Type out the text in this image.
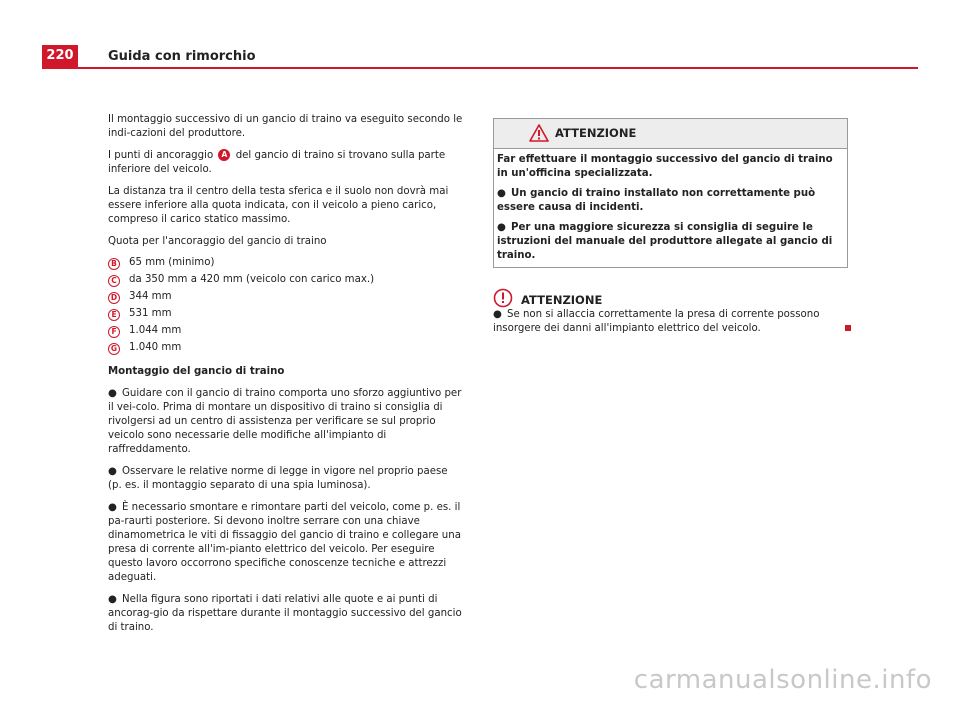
220	Guida con rimorchio

Il montaggio successivo di un gancio di traino va eseguito secondo le indi-cazioni del produttore.

I punti di ancoraggio A del gancio di traino si trovano sulla parte inferiore del veicolo.

La distanza tra il centro della testa sferica e il suolo non dovrà mai essere inferiore alla quota indicata, con il veicolo a pieno carico, compreso il carico statico massimo.

Quota per l'ancoraggio del gancio di traino

B	65 mm (minimo)
C	da 350 mm a 420 mm (veicolo con carico max.)
D 344 mm
E	531 mm
F	1.044 mm
G 1.040 mm

Montaggio del gancio di traino

● Guidare con il gancio di traino comporta uno sforzo aggiuntivo per il vei-colo. Prima di montare un dispositivo di traino si consiglia di rivolgersi ad un centro di assistenza per verificare se sul proprio veicolo sono necessarie delle modifiche all'impianto di raffreddamento.

● Osservare le relative norme di legge in vigore nel proprio paese (p. es. il montaggio separato di una spia luminosa).

● È necessario smontare e rimontare parti del veicolo, come p. es. il pa-raurti posteriore. Si devono inoltre serrare con una chiave dinamometrica le viti di fissaggio del gancio di traino e collegare una presa di corrente all'im-pianto elettrico del veicolo. Per eseguire questo lavoro occorrono specifiche conoscenze tecniche e attrezzi adeguati.

● Nella figura sono riportati i dati relativi alle quote e ai punti di ancorag-gio da rispettare durante il montaggio successivo del gancio di traino.

ATTENZIONE

Far effettuare il montaggio successivo del gancio di traino in un'officina specializzata.

● Un gancio di traino installato non correttamente può essere causa di incidenti.

● Per una maggiore sicurezza si consiglia di seguire le istruzioni del manuale del produttore allegate al gancio di traino.

ATTENZIONE

● Se non si allaccia correttamente la presa di corrente possono insorgere dei danni all'impianto elettrico del veicolo.

carmanualsonline.info
